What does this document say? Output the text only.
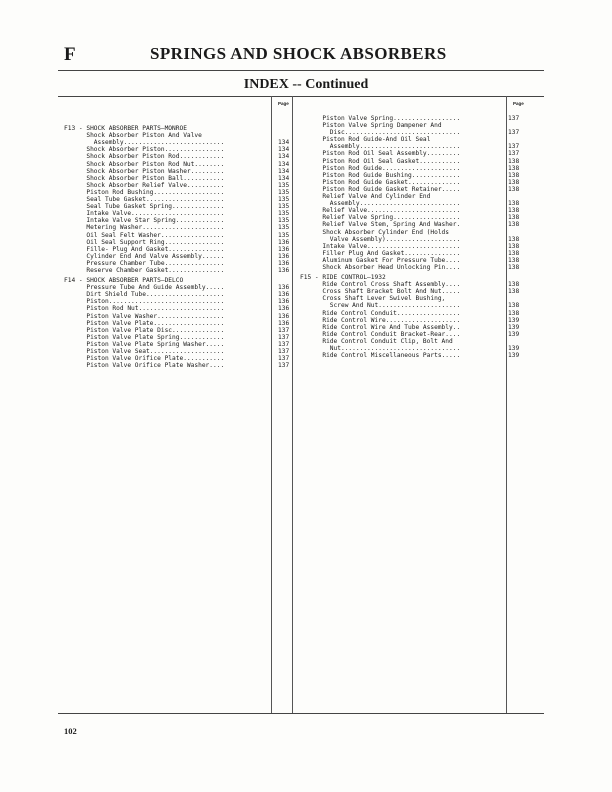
F	SPRINGS AND SHOCK ABSORBERS
INDEX -- Continued
Page	Page
F13 - SHOCK ABSORBER PARTS—MONROE
Shock Absorber Piston And Valve
Assembly...........................	134
Shock Absorber Piston................	134
Shock Absorber Piston Rod............	134
Shock Absorber Piston Rod Nut........	134
Shock Absorber Piston Washer.........	134
Shock Absorber Piston Ball...........	134
Shock Absorber Relief Valve..........	135
Piston Rod Bushing...................	135
Seal Tube Gasket.....................	135
Seal Tube Gasket Spring..............	135
Intake Valve.........................	135
Intake Valve Star Spring.............	135
Metering Washer......................	135
Oil Seal Felt Washer.................	135
Oil Seal Support Ring................	136
Fille- Plug And Gasket...............	136
Cylinder End And Valve Assembly......	136
Pressure Chamber Tube................	136
Reserve Chamber Gasket...............	136
F14 - SHOCK ABSORBER PARTS—DELCO
Pressure Tube And Guide Assembly.....	136
Dirt Shield Tube.....................	136
Piston...............................	136
Piston Rod Nut.......................	136
Piston Valve Washer..................	136
Piston Valve Plate...................	136
Piston Valve Plate Disc..............	137
Piston Valve Plate Spring............	137
Piston Valve Plate Spring Washer.....	137
Piston Valve Seat....................	137
Piston Valve Orifice Plate...........	137
Piston Valve Orifice Plate Washer....	137
Piston Valve Spring..................	137
Piston Valve Spring Dampener And
Disc...............................	137
Piston Rod Guide-And Oil Seal
Assembly...........................	137
Piston Rod Oil Seal Assembly.........	137
Piston Rod Oil Seal Gasket...........	138
Piston Rod Guide.....................	138
Piston Rod Guide Bushing.............	138
Piston Rod Guide Gasket..............	138
Piston Rod Guide Gasket Retainer.....	138
Relief Valve And Cylinder End
Assembly...........................	138
Relief Valve.........................	138
Relief Valve Spring..................	138
Relief Valve Stem, Spring And Washer.	138
Shock Absorber Cylinder End (Holds
Valve Assembly)....................	138
Intake Valve.........................	138
Filler Plug And Gasket...............	138
Aluminum Gasket For Pressure Tube....	138
Shock Absorber Head Unlocking Pin....	138
F15 - RIDE CONTROL—1932
Ride Control Cross Shaft Assembly....	138
Cross Shaft Bracket Bolt And Nut.....	138
Cross Shaft Lever Swivel Bushing,
Screw And Nut......................	138
Ride Control Conduit.................	138
Ride Control Wire....................	139
Ride Control Wire And Tube Assembly..	139
Ride Control Conduit Bracket-Rear....	139
Ride Control Conduit Clip, Bolt And
Nut................................	139
Ride Control Miscellaneous Parts.....	139
102
